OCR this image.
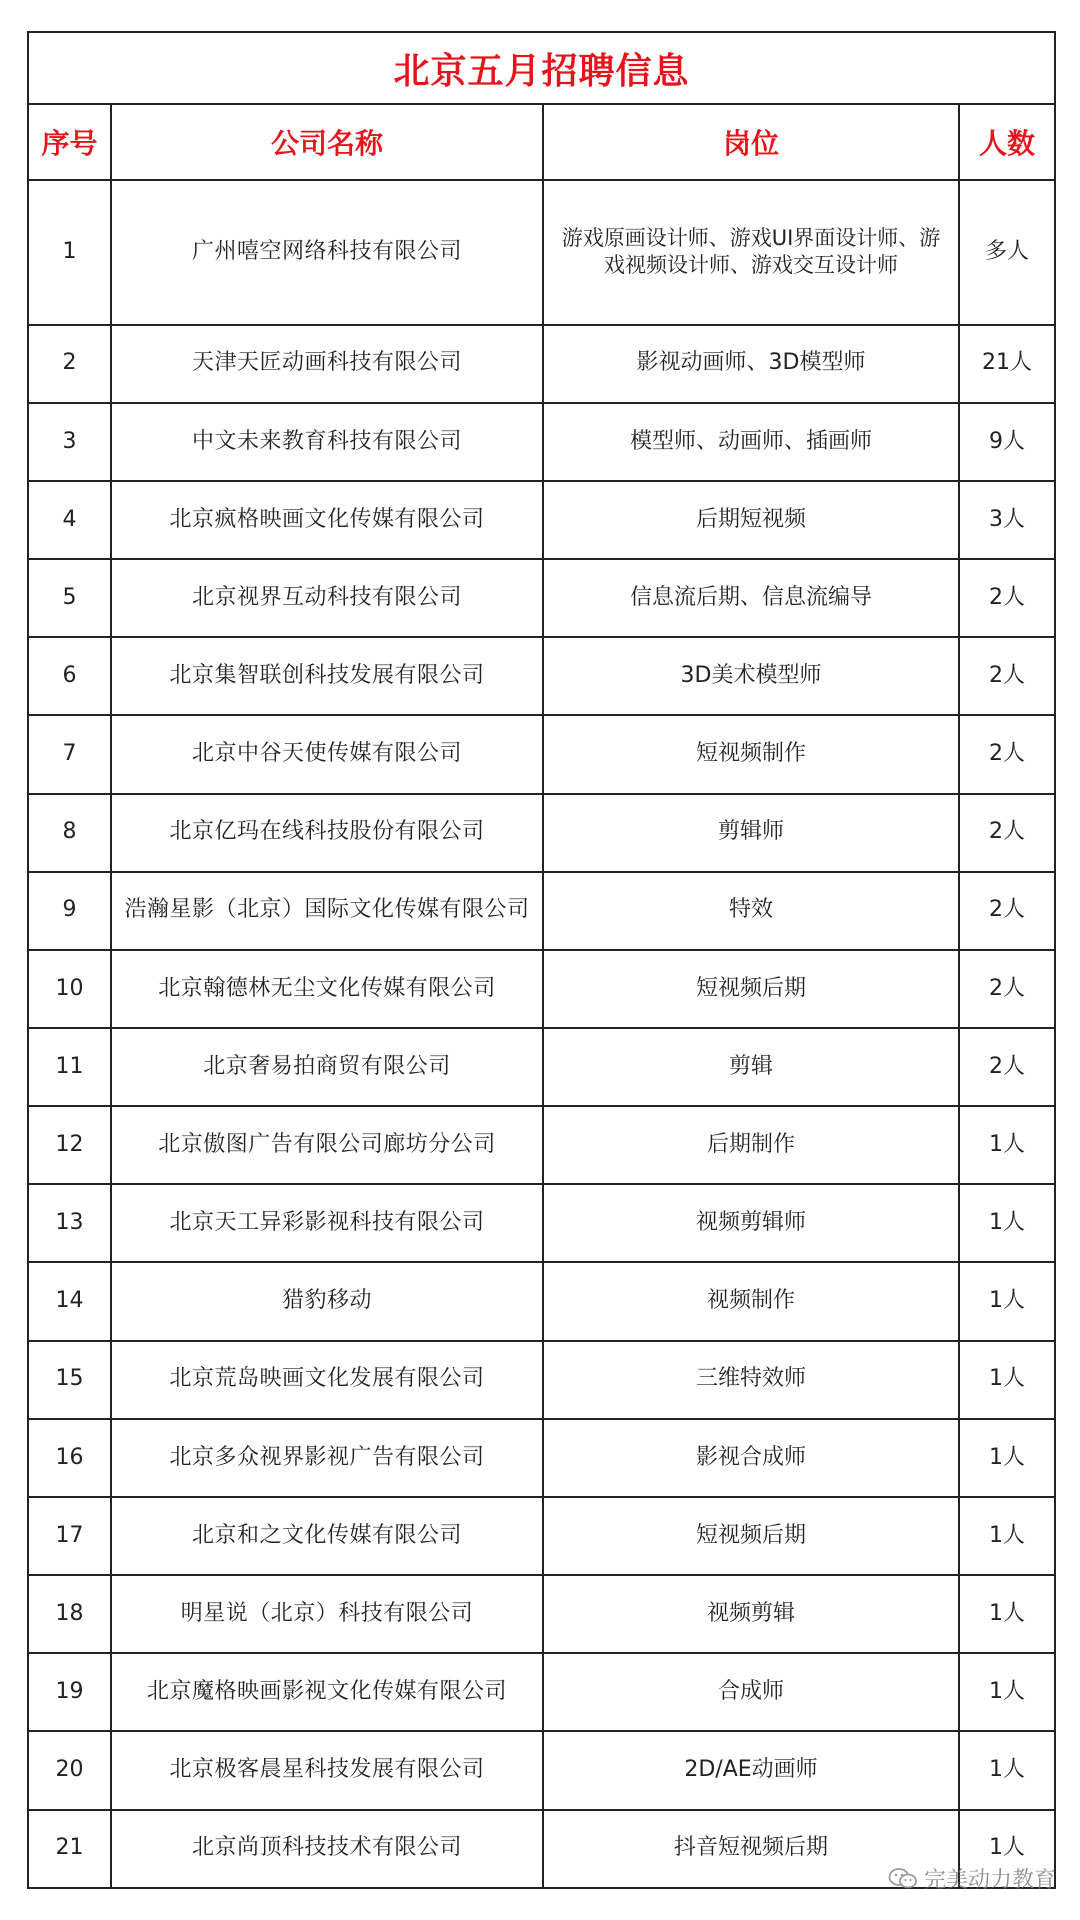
北京五月招聘信息			
序号	公司名称	岗位	人数
1	广州嘻空网络科技有限公司	游戏原画设计师、游戏UI界面设计师、游戏视频设计师、游戏交互设计师	多人
2	天津天匠动画科技有限公司	影视动画师、3D模型师	21人
3	中文未来教育科技有限公司	模型师、动画师、插画师	9人
4	北京疯格映画文化传媒有限公司	后期短视频	3人
5	北京视界互动科技有限公司	信息流后期、信息流编导	2人
6	北京集智联创科技发展有限公司	3D美术模型师	2人
7	北京中谷天使传媒有限公司	短视频制作	2人
8	北京亿玛在线科技股份有限公司	剪辑师	2人
9	浩瀚星影（北京）国际文化传媒有限公司	特效	2人
10	北京翰德林无尘文化传媒有限公司	短视频后期	2人
11	北京奢易拍商贸有限公司	剪辑	2人
12	北京傲图广告有限公司廊坊分公司	后期制作	1人
13	北京天工异彩影视科技有限公司	视频剪辑师	1人
14	猎豹移动	视频制作	1人
15	北京荒岛映画文化发展有限公司	三维特效师	1人
16	北京多众视界影视广告有限公司	影视合成师	1人
17	北京和之文化传媒有限公司	短视频后期	1人
18	明星说（北京）科技有限公司	视频剪辑	1人
19	北京魔格映画影视文化传媒有限公司	合成师	1人
20	北京极客晨星科技发展有限公司	2D/AE动画师	1人
21	北京尚顶科技技术有限公司	抖音短视频后期	1人
完美动力教育
